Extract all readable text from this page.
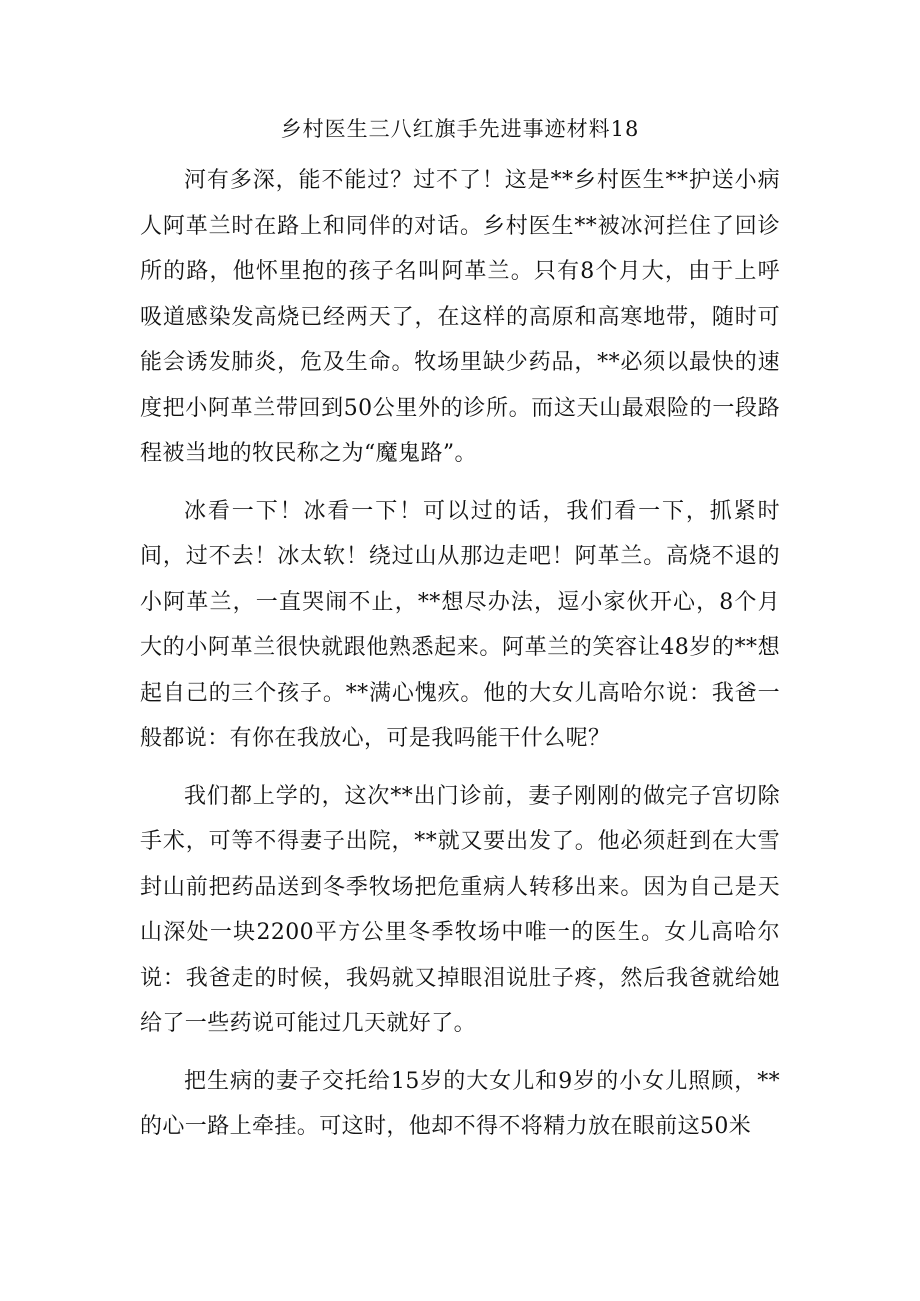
乡村医生三八红旗手先进事迹材料18

河有多深，能不能过？过不了！这是**乡村医生**护送小病人阿革兰时在路上和同伴的对话。乡村医生**被冰河拦住了回诊所的路，他怀里抱的孩子名叫阿革兰。只有8个月大，由于上呼吸道感染发高烧已经两天了，在这样的高原和高寒地带，随时可能会诱发肺炎，危及生命。牧场里缺少药品，**必须以最快的速度把小阿革兰带回到50公里外的诊所。而这天山最艰险的一段路程被当地的牧民称之为“魔鬼路”。

冰看一下！冰看一下！可以过的话，我们看一下，抓紧时间，过不去！冰太软！绕过山从那边走吧！阿革兰。高烧不退的小阿革兰，一直哭闹不止，**想尽办法，逗小家伙开心，8个月大的小阿革兰很快就跟他熟悉起来。阿革兰的笑容让48岁的**想起自己的三个孩子。**满心愧疚。他的大女儿高哈尔说：我爸一般都说：有你在我放心，可是我吗能干什么呢？

我们都上学的，这次**出门诊前，妻子刚刚的做完子宫切除手术，可等不得妻子出院，**就又要出发了。他必须赶到在大雪封山前把药品送到冬季牧场把危重病人转移出来。因为自己是天山深处一块2200平方公里冬季牧场中唯一的医生。女儿高哈尔说：我爸走的时候，我妈就又掉眼泪说肚子疼，然后我爸就给她给了一些药说可能过几天就好了。

把生病的妻子交托给15岁的大女儿和9岁的小女儿照顾，**的心一路上牵挂。可这时，他却不得不将精力放在眼前这50米
